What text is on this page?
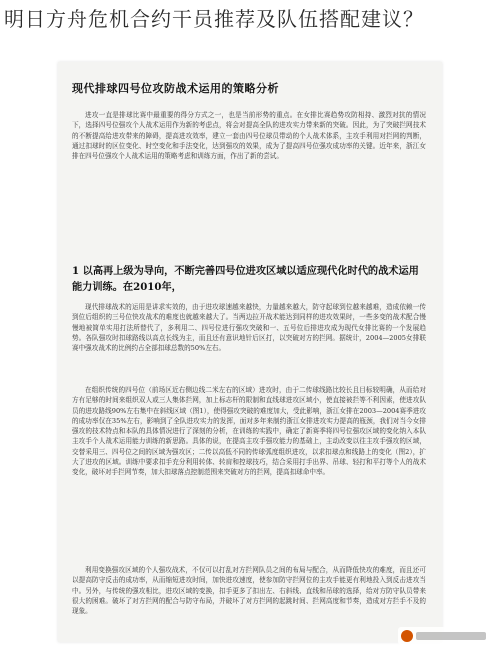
明日方舟危机合约干员推荐及队伍搭配建议？
现代排球四号位攻防战术运用的策略分析
进攻一直是排球比赛中最重要的得分方式之一，也是当前形势的重点。在女排比赛趋势攻防相持、激烈对抗的情况下，选择四号位强攻个人战术运用作为新的考虑点，将会对提高全队的进攻实力带来新的突破。因此，为了突破拦网技术的不断提高给进攻带来的障碍，提高进攻效率，建立一套由四号位球员带动的个人战术体系，主攻手利用对拦网的判断，通过扣球时的区位变化、时空变化和手法变化，达到强攻的效果，成为了提高四号位强攻成功率的关键。近年来，浙江女排在四号位强攻个人战术运用的策略考虑和训练方面，作出了新的尝试。
1 以高再上级为导向，不断完善四号位进攻区域以适应现代化时代的战术运用能力训练。在2010年，
现代排球战术的运用是讲求实效的，由于进攻球速越来越快，力量越来越大，防守起球到位越来越难，造成依赖一传到位后组织的三号位快攻战术的难度也就越来越大了。当两边拉开战术能达到同样的进攻效果时，一些多变的战术配合慢慢地被简单实用打法所替代了，多利用二、四号位进行强攻突破和一、五号位后排进攻成为现代女排比赛的一个发展趋势。各队强攻时扣球路线以高点长线为主，而且还有意识地针后区打，以突破对方的拦网。据统计，2004—2005女排联赛中强攻战术的比例约占全部扣球总数的50%左右。
在组织传统的四号位（前场区近右侧边线二米左右的区域）进攻时，由于二传球线路比较长且目标较明确，从而给对方有足够的时间来组织双人或三人集体拦网，加上标志杆的限制和直线球进攻区域小，使直接被拦等不利因素，使进攻队员的进攻路线90%左右集中在斜线区域（图1），使得强攻突破的难度加大，受此影响，浙江女排在2003—2004赛季进攻的成功率仅在35%左右，影响到了全队进攻实力的发挥，面对多年来制约浙江女排进攻实力提高的瓶颈，我们对当今女排强攻的技术特点和本队的具体情况进行了深刻的分析，在训练的实践中，确定了新赛季将四号位强攻区域的变化纳入本队主攻手个人战术运用能力训练的新思路。具体的说，在提高主攻手强攻能力的基础上，主动改变以往主攻手强攻的区域，交替采用三、四号位之间的区域为强攻区；二传以高低不同的传球弧度组织进攻，以求扣球点和线路上的变化（图2），扩大了进攻的区域。训练中要求扣手充分利用转体、转肩和控球技巧，结合采用打手出界、吊球、轻打和平打等个人的战术变化，破坏对手拦网节奏，加大扣球落点控制范围来突破对方的拦网，提高扣球命中率。
利用变换强攻区域的个人强攻战术，不仅可以打乱对方拦网队员之间的布局与配合，从而降低快攻的难度，而且还可以提高防守反击的成功率，从而缩短进攻时间，加快进攻速度，使参加防守拦网位的主攻手能更有利地投入到反击进攻当中。另外，与传统的强攻相比，进攻区域的变换，扣手更多了扣出左、右斜线、直线和吊球的选择，给对方防守队员带来很大的困难。破坏了对方拦网的配合与防守布局，并破坏了对方拦网的起跳时间、拦网高度和节奏，造成对方拦手不及的现象。
